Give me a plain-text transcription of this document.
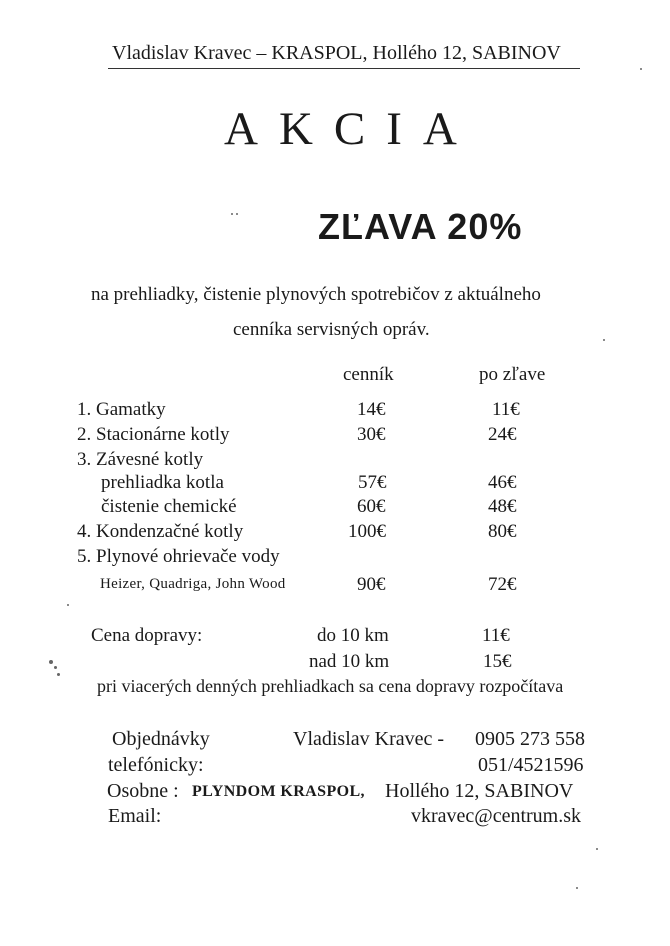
Vladislav Kravec – KRASPOL, Hollého 12, SABINOV
AKCIA
ZĽAVA 20%
na prehliadky, čistenie plynových spotrebičov z aktuálneho
cenníka servisných opráv.
cenník	po zľave
1. Gamatky	14€	11€
2. Stacionárne kotly	30€	24€
3. Závesné kotly
prehliadka kotla	57€	46€
čistenie chemické	60€	48€
4. Kondenzačné kotly	100€	80€
5. Plynové ohrievače vody
Heizer, Quadriga, John Wood	90€	72€
Cena dopravy:	do 10 km	11€
nad 10 km	15€
pri viacerých denných prehliadkach sa cena dopravy rozpočítava
Objednávky	Vladislav Kravec - 0905 273 558
telefónicky:	051/4521596
Osobne : PLYNDOM KRASPOL, Hollého 12, SABINOV
Email:	vkravec@centrum.sk
